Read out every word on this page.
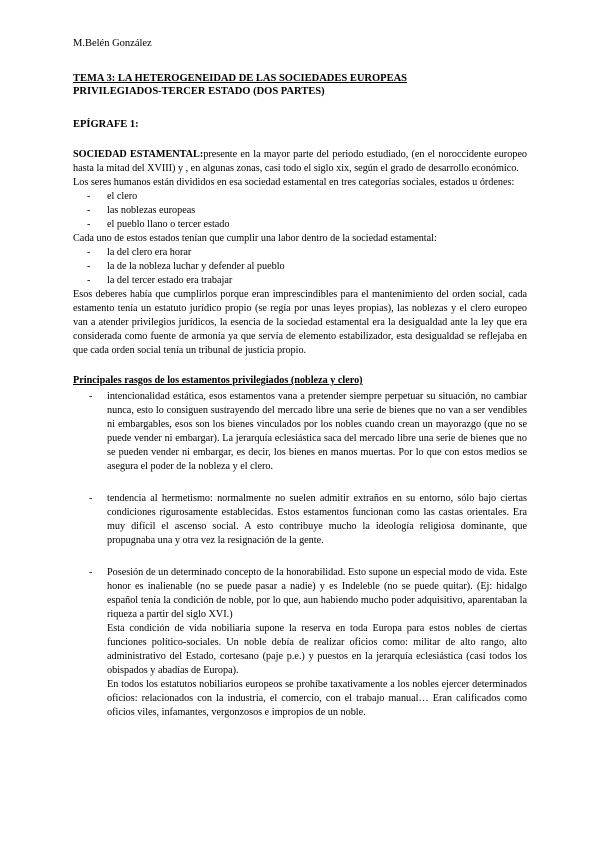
M.Belén González

TEMA 3: LA HETEROGENEIDAD DE LAS SOCIEDADES EUROPEAS

PRIVILEGIADOS-TERCER ESTADO (DOS PARTES)

EPÍGRAFE 1:

SOCIEDAD ESTAMENTAL:presente en la mayor parte del periodo estudiado, (en el noroccidente europeo hasta la mitad del XVIII) y , en algunas zonas, casi todo el siglo xix, según el grado de desarrollo económico.

Los seres humanos están divididos en esa sociedad estamental en tres categorías sociales, estados u órdenes:

- el clero
- las noblezas europeas
- el pueblo llano o tercer estado

Cada uno de estos estados tenían que cumplir una labor dentro de la sociedad estamental:

- la del clero era horar
- la de la nobleza luchar y defender al pueblo
- la del tercer estado era trabajar

Esos deberes había que cumplirlos porque eran imprescindibles para el mantenimiento del orden social, cada estamento tenía un estatuto jurídico propio (se regía por unas leyes propias), las noblezas y el clero europeo van a atender privilegios jurídicos, la esencia de la sociedad estamental era la desigualdad ante la ley que era considerada como fuente de armonía ya que servía de elemento estabilizador, esta desigualdad se reflejaba en que cada orden social tenía un tribunal de justicia propio.

Principales rasgos de los estamentos privilegiados (nobleza y clero)

- intencionalidad estática, esos estamentos vana a pretender siempre perpetuar su situación, no cambiar nunca, esto lo consiguen sustrayendo del mercado libre una serie de bienes que no van a ser vendibles ni embargables, esos son los bienes vinculados por los nobles cuando crean un mayorazgo (que no se puede vender ni embargar). La jerarquía eclesiástica saca del mercado libre una serie de bienes que no se pueden vender ni embargar, es decir, los bienes en manos muertas. Por lo que con estos medios se asegura el poder de la nobleza y el clero.
- tendencia al hermetismo: normalmente no suelen admitir extraños en su entorno, sólo bajo ciertas condiciones rigurosamente establecidas. Estos estamentos funcionan como las castas orientales. Era muy difícil el ascenso social. A esto contribuye mucho la ideología religiosa dominante, que propugnaba una y otra vez la resignación de la gente.
- Posesión de un determinado concepto de la honorabilidad. Esto supone un especial modo de vida. Este honor es inalienable (no se puede pasar a nadie) y es Indeleble (no se puede quitar). (Ej: hidalgo español tenía la condición de noble, por lo que, aun habiendo mucho poder adquisitivo, aparentaban la riqueza a partir del siglo XVI.)
Esta condición de vida nobiliaria supone la reserva en toda Europa para estos nobles de ciertas funciones político-sociales. Un noble debía de realizar oficios como: militar de alto rango, alto administrativo del Estado, cortesano (paje p.e.) y puestos en la jerarquía eclesiástica (casi todos los obispados y abadías de Europa).
En todos los estatutos nobiliarios europeos se prohíbe taxativamente a los nobles ejercer determinados oficios: relacionados con la industria, el comercio, con el trabajo manual… Eran calificados como oficios viles, infamantes, vergonzosos e impropios de un noble.
